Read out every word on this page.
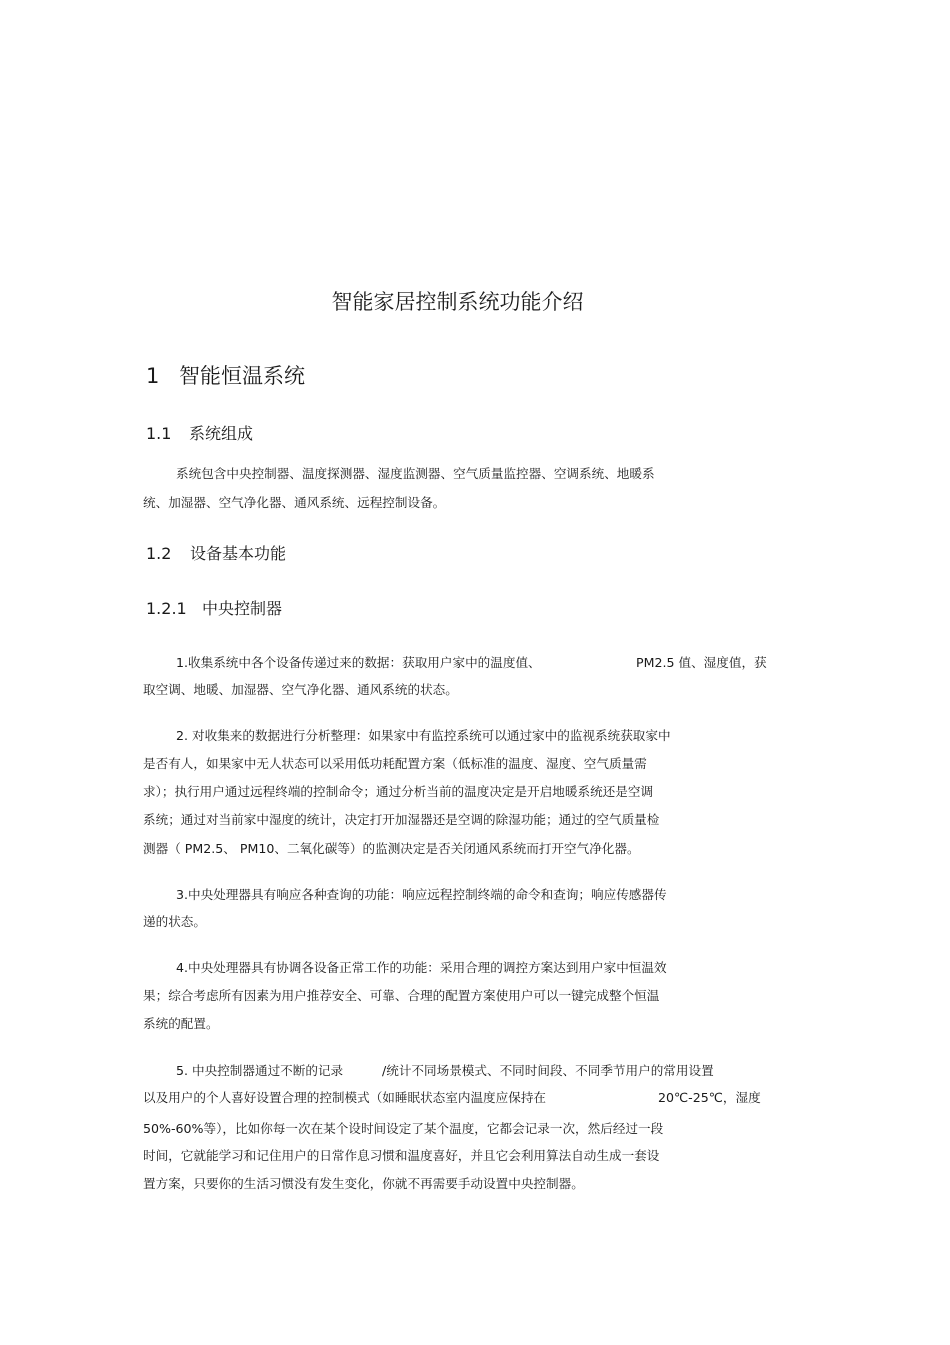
智能家居控制系统功能介绍
1 智能恒温系统
1.1 系统组成
系统包含中央控制器、温度探测器、湿度监测器、空气质量监控器、空调系统、地暖系
统、加湿器、空气净化器、通风系统、远程控制设备。
1.2 设备基本功能
1.2.1 中央控制器
1.收集系统中各个设备传递过来的数据：获取用户家中的温度值、	PM2.5 值、湿度值，获
取空调、地暖、加湿器、空气净化器、通风系统的状态。
2. 对收集来的数据进行分析整理：如果家中有监控系统可以通过家中的监视系统获取家中
是否有人，如果家中无人状态可以采用低功耗配置方案（低标准的温度、湿度、空气质量需
求）；执行用户通过远程终端的控制命令；通过分析当前的温度决定是开启地暖系统还是空调
系统；通过对当前家中湿度的统计，决定打开加湿器还是空调的除湿功能；通过的空气质量检
测器（ PM2.5、 PM10、二氧化碳等）的监测决定是否关闭通风系统而打开空气净化器。
3.中央处理器具有响应各种查询的功能：响应远程控制终端的命令和查询；响应传感器传
递的状态。
4.中央处理器具有协调各设备正常工作的功能：采用合理的调控方案达到用户家中恒温效
果；综合考虑所有因素为用户推荐安全、可靠、合理的配置方案使用户可以一键完成整个恒温
系统的配置。
5. 中央控制器通过不断的记录	/统计不同场景模式、不同时间段、不同季节用户的常用设置
以及用户的个人喜好设置合理的控制模式（如睡眠状态室内温度应保持在	20℃-25℃，湿度
50%-60%等），比如你每一次在某个设时间设定了某个温度，它都会记录一次，然后经过一段
时间，它就能学习和记住用户的日常作息习惯和温度喜好，并且它会利用算法自动生成一套设
置方案，只要你的生活习惯没有发生变化，你就不再需要手动设置中央控制器。
